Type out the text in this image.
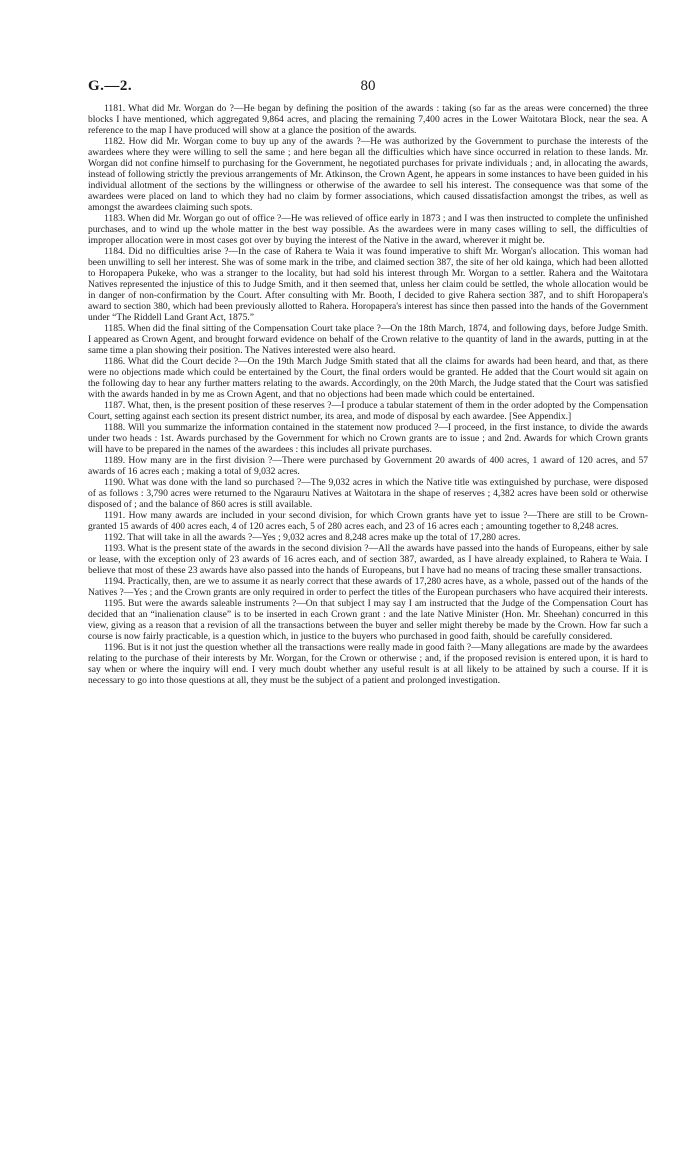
G.—2.	80

1181. What did Mr. Worgan do ?—He began by defining the position of the awards : taking (so far as the areas were concerned) the three blocks I have mentioned, which aggregated 9,864 acres, and placing the remaining 7,400 acres in the Lower Waitotara Block, near the sea. A reference to the map I have produced will show at a glance the position of the awards.

1182. How did Mr. Worgan come to buy up any of the awards ?—He was authorized by the Government to purchase the interests of the awardees where they were willing to sell the same ; and here began all the difficulties which have since occurred in relation to these lands. Mr. Worgan did not confine himself to purchasing for the Government, he negotiated purchases for private individuals ; and, in allocating the awards, instead of following strictly the previous arrangements of Mr. Atkinson, the Crown Agent, he appears in some instances to have been guided in his individual allotment of the sections by the willingness or otherwise of the awardee to sell his interest. The consequence was that some of the awardees were placed on land to which they had no claim by former associations, which caused dissatisfaction amongst the tribes, as well as amongst the awardees claiming such spots.

1183. When did Mr. Worgan go out of office ?—He was relieved of office early in 1873 ; and I was then instructed to complete the unfinished purchases, and to wind up the whole matter in the best way possible. As the awardees were in many cases willing to sell, the difficulties of improper allocation were in most cases got over by buying the interest of the Native in the award, wherever it might be.

1184. Did no difficulties arise ?—In the case of Rahera te Waia it was found imperative to shift Mr. Worgan's allocation. This woman had been unwilling to sell her interest. She was of some mark in the tribe, and claimed section 387, the site of her old kainga, which had been allotted to Horopapera Pukeke, who was a stranger to the locality, but had sold his interest through Mr. Worgan to a settler. Rahera and the Waitotara Natives represented the injustice of this to Judge Smith, and it then seemed that, unless her claim could be settled, the whole allocation would be in danger of non-confirmation by the Court. After consulting with Mr. Booth, I decided to give Rahera section 387, and to shift Horopapera's award to section 380, which had been previously allotted to Rahera. Horopapera's interest has since then passed into the hands of the Government under “The Riddell Land Grant Act, 1875.”

1185. When did the final sitting of the Compensation Court take place ?—On the 18th March, 1874, and following days, before Judge Smith. I appeared as Crown Agent, and brought forward evidence on behalf of the Crown relative to the quantity of land in the awards, putting in at the same time a plan showing their position. The Natives interested were also heard.

1186. What did the Court decide ?—On the 19th March Judge Smith stated that all the claims for awards had been heard, and that, as there were no objections made which could be entertained by the Court, the final orders would be granted. He added that the Court would sit again on the following day to hear any further matters relating to the awards. Accordingly, on the 20th March, the Judge stated that the Court was satisfied with the awards handed in by me as Crown Agent, and that no objections had been made which could be entertained.

1187. What, then, is the present position of these reserves ?—I produce a tabular statement of them in the order adopted by the Compensation Court, setting against each section its present district number, its area, and mode of disposal by each awardee. [See Appendix.]

1188. Will you summarize the information contained in the statement now produced ?—I proceed, in the first instance, to divide the awards under two heads : 1st. Awards purchased by the Government for which no Crown grants are to issue ; and 2nd. Awards for which Crown grants will have to be prepared in the names of the awardees : this includes all private purchases.

1189. How many are in the first division ?—There were purchased by Government 20 awards of 400 acres, 1 award of 120 acres, and 57 awards of 16 acres each ; making a total of 9,032 acres.

1190. What was done with the land so purchased ?—The 9,032 acres in which the Native title was extinguished by purchase, were disposed of as follows : 3,790 acres were returned to the Ngarauru Natives at Waitotara in the shape of reserves ; 4,382 acres have been sold or otherwise disposed of ; and the balance of 860 acres is still available.

1191. How many awards are included in your second division, for which Crown grants have yet to issue ?—There are still to be Crown-granted 15 awards of 400 acres each, 4 of 120 acres each, 5 of 280 acres each, and 23 of 16 acres each ; amounting together to 8,248 acres.

1192. That will take in all the awards ?—Yes ; 9,032 acres and 8,248 acres make up the total of 17,280 acres.

1193. What is the present state of the awards in the second division ?—All the awards have passed into the hands of Europeans, either by sale or lease, with the exception only of 23 awards of 16 acres each, and of section 387, awarded, as I have already explained, to Rahera te Waia. I believe that most of these 23 awards have also passed into the hands of Europeans, but I have had no means of tracing these smaller transactions.

1194. Practically, then, are we to assume it as nearly correct that these awards of 17,280 acres have, as a whole, passed out of the hands of the Natives ?—Yes ; and the Crown grants are only required in order to perfect the titles of the European purchasers who have acquired their interests.

1195. But were the awards saleable instruments ?—On that subject I may say I am instructed that the Judge of the Compensation Court has decided that an “inalienation clause” is to be inserted in each Crown grant : and the late Native Minister (Hon. Mr. Sheehan) concurred in this view, giving as a reason that a revision of all the transactions between the buyer and seller might thereby be made by the Crown. How far such a course is now fairly practicable, is a question which, in justice to the buyers who purchased in good faith, should be carefully considered.

1196. But is it not just the question whether all the transactions were really made in good faith ?—Many allegations are made by the awardees relating to the purchase of their interests by Mr. Worgan, for the Crown or otherwise ; and, if the proposed revision is entered upon, it is hard to say when or where the inquiry will end. I very much doubt whether any useful result is at all likely to be attained by such a course. If it is necessary to go into those questions at all, they must be the subject of a patient and prolonged investigation.
